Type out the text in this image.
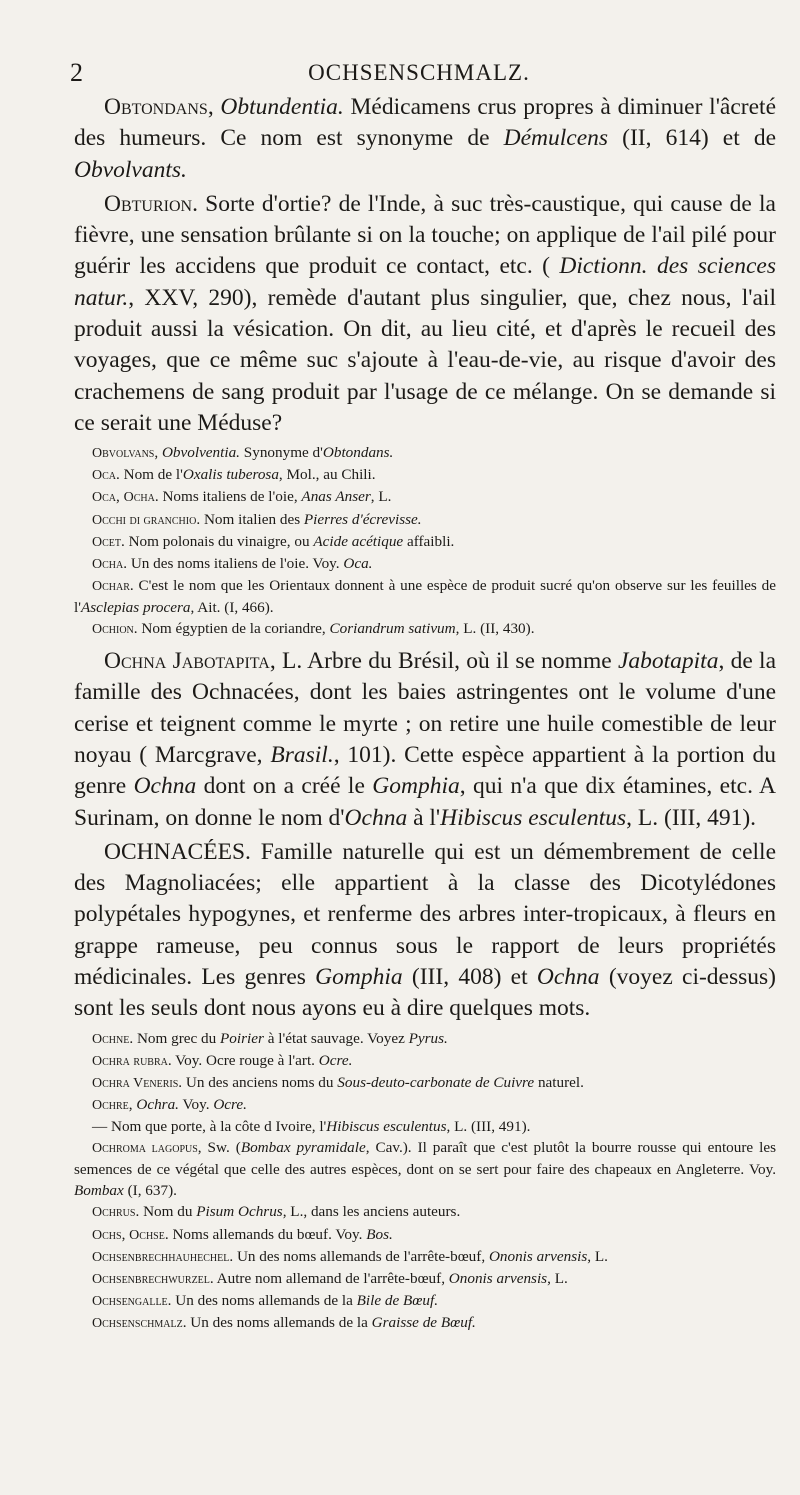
2	OCHSENSCHMALZ.

Obtondans, Obtundentia. Médicamens crus propres à diminuer l'âcreté des humeurs. Ce nom est synonyme de Démulcens (II, 614) et de Obvolvants.

Obturion. Sorte d'ortie? de l'Inde, à suc très-caustique, qui cause de la fièvre, une sensation brûlante si on la touche; on applique de l'ail pilé pour guérir les accidens que produit ce contact, etc. ( Dictionn. des sciences natur., XXV, 290), remède d'autant plus singulier, que, chez nous, l'ail produit aussi la vésication. On dit, au lieu cité, et d'après le recueil des voyages, que ce même suc s'ajoute à l'eau-de-vie, au risque d'avoir des crachemens de sang produit par l'usage de ce mélange. On se demande si ce serait une Méduse?

Obvolvans, Obvolventia. Synonyme d'Obtondans.

Oca. Nom de l'Oxalis tuberosa, Mol., au Chili.

Oca, Ocha. Noms italiens de l'oie, Anas Anser, L.

Occhi di granchio. Nom italien des Pierres d'écrevisse.

Ocet. Nom polonais du vinaigre, ou Acide acétique affaibli.

Ocha. Un des noms italiens de l'oie. Voy. Oca.

Ochar. C'est le nom que les Orientaux donnent à une espèce de produit sucré qu'on observe sur les feuilles de l'Asclepias procera, Ait. (I, 466).

Ochion. Nom égyptien de la coriandre, Coriandrum sativum, L. (II, 430).

Ochna Jabotapita, L. Arbre du Brésil, où il se nomme Jabotapita, de la famille des Ochnacées, dont les baies astringentes ont le volume d'une cerise et teignent comme le myrte ; on retire une huile comestible de leur noyau ( Marcgrave, Brasil., 101). Cette espèce appartient à la portion du genre Ochna dont on a créé le Gomphia, qui n'a que dix étamines, etc. A Surinam, on donne le nom d'Ochna à l'Hibiscus esculentus, L. (III, 491).

OCHNACÉES. Famille naturelle qui est un démembrement de celle des Magnoliacées; elle appartient à la classe des Dicotylédones polypétales hypogynes, et renferme des arbres inter-tropicaux, à fleurs en grappe rameuse, peu connus sous le rapport de leurs propriétés médicinales. Les genres Gomphia (III, 408) et Ochna (voyez ci-dessus) sont les seuls dont nous ayons eu à dire quelques mots.

Ochne. Nom grec du Poirier à l'état sauvage. Voyez Pyrus.

Ochra rubra. Voy. Ocre rouge à l'art. Ocre.

Ochra Veneris. Un des anciens noms du Sous-deuto-carbonate de Cuivre naturel.

Ochre, Ochra. Voy. Ocre.

— Nom que porte, à la côte d Ivoire, l'Hibiscus esculentus, L. (III, 491).

Ochroma lagopus, Sw. (Bombax pyramidale, Cav.). Il paraît que c'est plutôt la bourre rousse qui entoure les semences de ce végétal que celle des autres espèces, dont on se sert pour faire des chapeaux en Angleterre. Voy. Bombax (I, 637).

Ochrus. Nom du Pisum Ochrus, L., dans les anciens auteurs.

Ochs, Ochse. Noms allemands du bœuf. Voy. Bos.

Ochsenbrechhauhechel. Un des noms allemands de l'arrête-bœuf, Ononis arvensis, L.

Ochsenbrechwurzel. Autre nom allemand de l'arrête-bœuf, Ononis arvensis, L.

Ochsengalle. Un des noms allemands de la Bile de Bœuf.

Ochsenschmalz. Un des noms allemands de la Graisse de Bœuf.
